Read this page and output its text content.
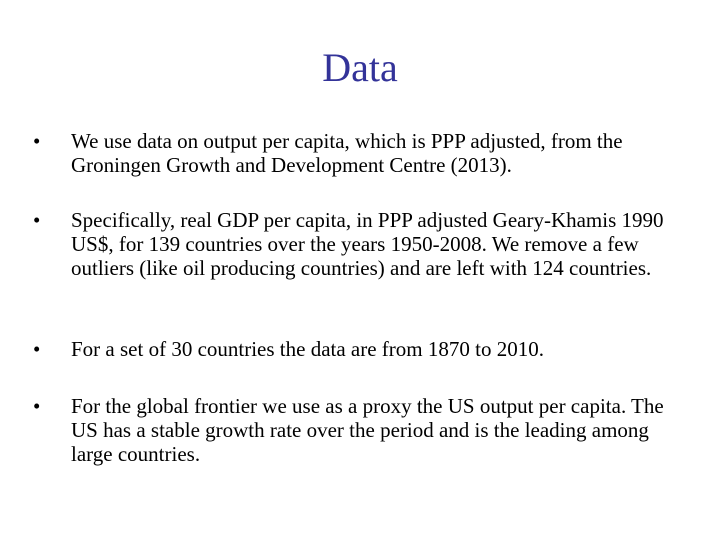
Data
•	We use data on output per capita, which is PPP adjusted, from the Groningen Growth and Development Centre (2013).
•	Specifically, real GDP per capita, in PPP adjusted Geary-Khamis 1990 US$, for 139 countries over the years 1950-2008. We remove a few outliers (like oil producing countries) and are left with 124 countries.
•	For a set of 30 countries the data are from 1870 to 2010.
•	For the global frontier we use as a proxy the US output per capita. The US has a stable growth rate over the period and is the leading among large countries.
